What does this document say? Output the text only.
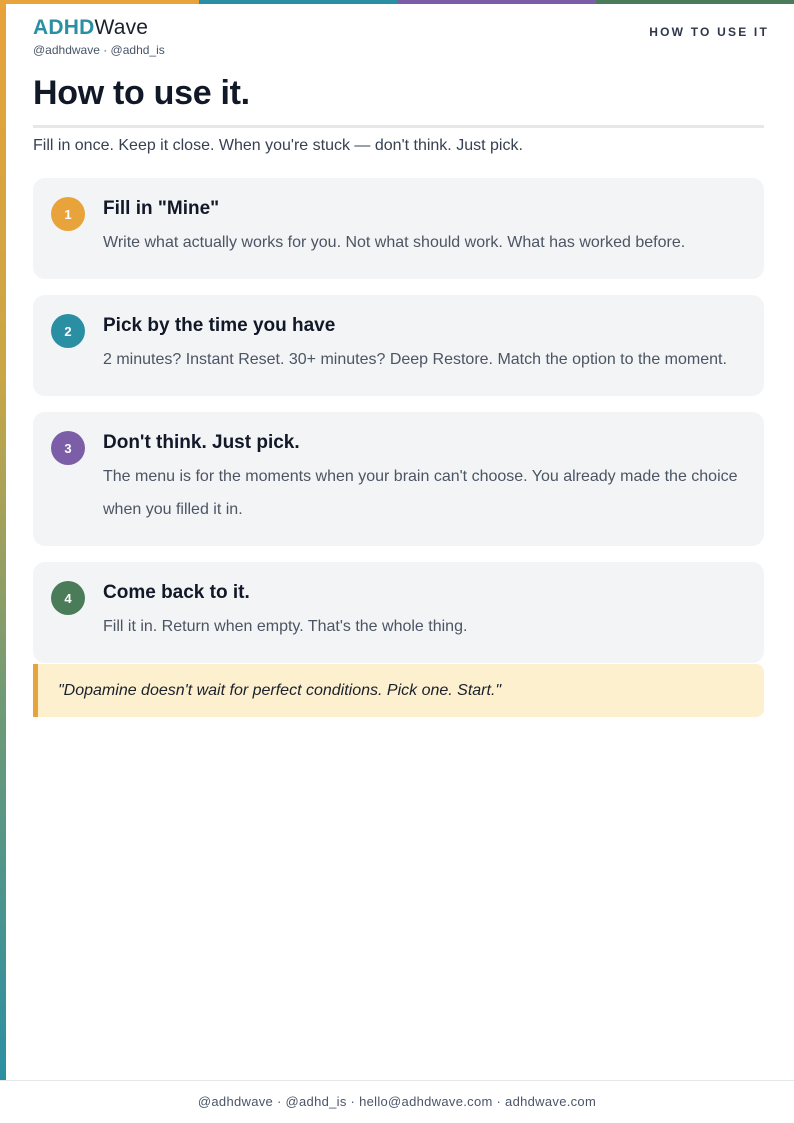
ADHDWave
@adhdwave · @adhd_is
HOW TO USE IT
How to use it.

Fill in once. Keep it close. When you're stuck — don't think. Just pick.

1	Fill in "Mine"
Write what actually works for you. Not what should work. What has worked before.
2	Pick by the time you have
2 minutes? Instant Reset. 30+ minutes? Deep Restore. Match the option to the moment.
3	Don't think. Just pick.
The menu is for the moments when your brain can't choose. You already made the choice when you filled it in.
4	Come back to it.
Fill it in. Return when empty. That's the whole thing.
"Dopamine doesn't wait for perfect conditions. Pick one. Start."
@adhdwave · @adhd_is · hello@adhdwave.com · adhdwave.com
